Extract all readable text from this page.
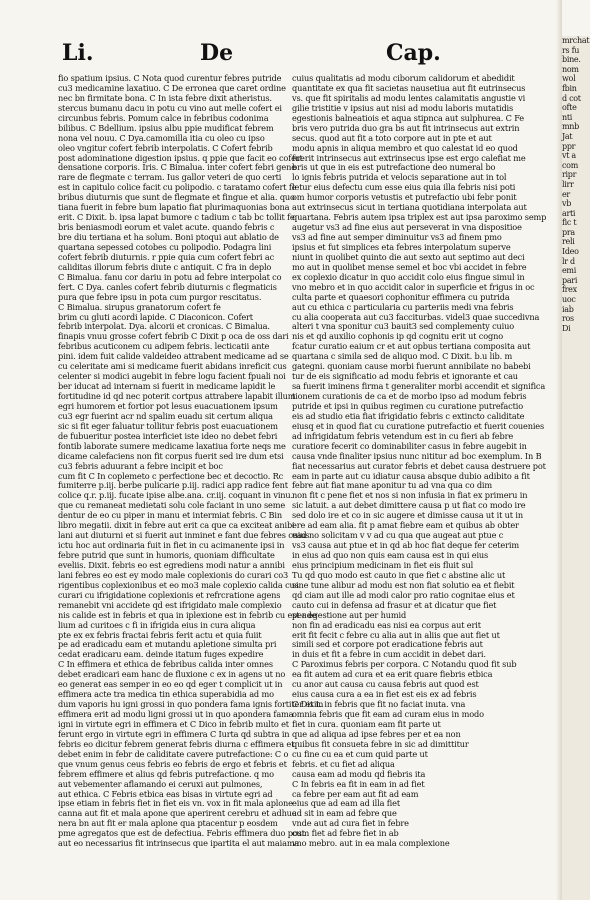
Li.	De	Cap.
fio spatium ipsius. C Nota quod curentur febres putride
cu3 medicamine laxatiuo. C De erronea que caret ordine
nec bn firmitate bona. C In ista febre dixit atheristus.
stercus bumanu dacu in potu cu vino aut melle cofert ei
circunbus febris. Pomum calce in febribus codonima
bilibus. C Bdellium. ipsius albu ppie mudificat febrem
nona vel nouu. C Dya.camomilla itia cu oleo cu ipso
oleo vngitur cofert febrib interpolatis. C Cofert febrib
post adominatione digestion ipsius. q ppie que facit eo cofert
densatione corporis. Iris. C Bimalua. inter cofert febri gene
rare de flegmate c terram. Ius gallor veteri de quo certi
est in capitulo colice facit cu polipodio. c taratamo cofert fe
bribus diuturnis que sunt de flegmate et fingue et alia. quo
tiana fuerit in febre bum lapatio fiat plurimaquonias bona
erit. C Dixit. b. ipsa lapat bumore c tadium c tab bc tollit fe
bris beniasmodi eorum et valet acute. quando febris c
bre diu tertiana et ha solum. Boni ptoqui aut ablatio de
quartana sepessed cotobes cu polipodio. Podagra lini
cofert febrib diuturnis. r ppie quia cum cofert febri ac
caliditas illorum febris diute c antiquit. C fra in deplo
C Bimalua. fanu cor dariu in potu ad febre interpolat co
fert. C Dya. canles cofert febrib diuturnis c flegmaticis
pura que febre ipsu in pota cum purgor rescitatus.
C Bimalua. sirupus granatorum cofert fe
brim cu gluti acordi lapide. C Diaconicon. Cofert
febrib interpolat. Dya. alcorii et cronicas. C Bimalua.
finapis vnuu grosse cofert febrib C Dixit p oca de oss dari
febribus acuticonem cu adipem febris. lecticatii ante
pini. idem fuit calide valdeideo attrabent medicame ad se
cu celeritate ami si medicame fuerit abidans inreficit cus
celenter si modici augebit in febre logu facient fpuali noi
ber iducat ad internam si fuerit in medicame lapidit le
fortitudine id qd nec poterit cortpus attrabere lapabit illum
egri humorem et fortior pot lesus euacuationem ipsum
cu3 egr fuerint acr nd spalim euadu sit certum aliqua
sic si fit eger faluatur tollitur febris post euacuationem
de fubueritur postea interficiet iste ideo no debet febri
fontib laborate sumere medicame laxatiua forte neqs me
dicame calefaciens non fit corpus fuerit sed ire dum etsi
cu3 febris aduurant a febre incipit et boc
cum fit C In coplemeto c perfectione bec et decoctio. Rc
fumiterre p.iij. berbe pulicarie p.iij. radici app radice fent
colice q.r. p.iij. fucate ipise albe.ana. cr.iij. coquant in vinu.
que cu remaneat medietati solu cole faciant in uno seme
dentur de eo cu piper in manu et intermiat febris. C Bin
libro megatii. dixit in febre aut erit ca que ca exciteat anibi
lani aut diuturni et si fuerit aut inminet e fant due febres cuius
ictu hoc aut ordinaria fuit in fiet in cu acimanente ipsi in
febre putrid que sunt in humoris, quoniam difficultate
eveliis. Dixit. febris eo est egrediens modi natur a annibi
lani febres eo est ey modo male coplexionis do curari co3
rigentibus coplexionibus et eo mo3 male coplexio calida cus
curari cu ifrigidatione coplexionis et refrcratione agens
remanebit vni accidete qd est ifrigidato male complexio
nis calide est in febris et qua in iplexione est in febrib cu est ade
lium ad curitoes c fi in ifrigida eius in cura aliqua
pte ex ex febris fractai febris ferit actu et quia fuiit
pe ad eradicadu eam et mutandu apletione simulta pri
cedat eradicaru eam. deinde itatum fuges expedire
C In effimera et ethica de febribus calida inter omnes
debet eradicari eam hanc de fluxione c ex in agens ut no
eo generat eas semper in eo eo qd eger t complicit ut in
effimera acte tra medica tin ethica superabidia ad mo
dum vaporis hu igni grossi in quo pondera fama ignis fortiter et in
effimera erit ad modu ligni grossi ut in quo apondera fama
igni in virtute egri in effimera et C Dico in febrib multo et
ferunt ergo in virtute egri in effimera C Iurta qd subtra in
febris eo dicitur febrem generat febris diurna c effimera et
debet enim in febr de caliditate cavere putrefactione: C o
que vnum genus ceus febris eo febris de ergo et febris et
febrem effimere et alius qd febris putrefactione. q mo
aut vebementer aflamando ei ceruxi aut pulmones,
aut ethica. C Febris etbica eas bisas in virtute egri ad
ipse etiam in febris fiet in fiet eis vn. vox in fit mala aplone
canna aut fit et mala apone que aperirent cerebru et adhuc
nera bn aut fit er mala aplone qua ptacentur p eosdem
pme agregatos que est de defectiua. Febris effimera duo post
aut eo necessarius fit intrinsecus que ipartita el aut maiama
cuius qualitatis ad modu ciborum calidorum et abedidit
quantitate ex qua fit sacietas nausetiua aut fit eutrinsecus
vs. que fit spiritalis ad modu lentes calamitatis angustie vi
gilie tristitie v ipsius aut nisi ad modu laboris mutatidis
egestionis balneatiois et aqua stipnca aut sulphurea. C Fe
bris vero putrida duo gra bs aut fit intrinsecus aut extrin
secus. quod aut fit a toto corpore aut in pte et aut
modu apnis in aliqua membro et quo calestat id eo quod
fuerit intrinsecus aut extrinsecus ipse est ergo calefiat me
bris ut que in eis est putrefactione deo numeral bo
lo ignis febris putrida et velocis separatione aut in tol
letur eius defectu cum esse eius quia illa febris nisi poti
om humor corporis vetustis et putrefactio ubi febr ponit
aut extrinsecus sicut in tertiana quotidiana interpolata aut
quartana. Febris autem ipsa triplex est aut ipsa paroximo semp
augetur vs3 ad fine eius aut perseverat in vna dispositioe
vs3 ad fine aut semper diminuitur vs3 ad finem pmo
ipsius et fut simplices eta febres interpolatum superve
niunt in quolibet quinto die aut sexto aut septimo aut deci
mo aut in quolibet mense semel et boc vbi accidet in febre
ex coplexio dicatur in quo accidit colo eius fingue simul in
vno mebro et in quo accidit calor in superficie et frigus in oc
culta parte et quaesori cophonitur effimera cu putrida
aut cu ethica c particularia cu parteriis medi vna febris
cu alia cooperata aut cu3 facciturbas. videl3 quae succedivna
alteri t vna sponitur cu3 bauit3 sed complementy cuiuo
nis et qd auxilio cophonis ip qd cognitu erit ut cogno
fcatur curatio eaium cr et aut opbus tertiana composita aut
quartana c simila sed de aliquo mod. C Dixit. b.u lib. m
gategni. quoniam cause morbi fuerunt annibilate no babebi
tur de eis significatio ad modu febris et ignorante et cau
sa fuerit iminens firma t generaliter morbi accendit et significa
tionem curationis de ca et de morbo ipso ad modum febris
putride et ipsi in quibus regimen cu curatione putrefactio
eis ad studio etia fiat ifrigidatio febris c extincto caliditate
eiusq et in quod fiat cu curatione putrefactio et fuerit couenies
ad infrigidatum febris vetendum est in cu fieri ab febre
curatiore fecerit co dominabiliter casus in febre augebit in
causa vnde finaliter ipsius nunc nititur ad boc exemplum. In B
fiat necessarius aut curator febris et debet causa destruere pot
eam in parte aut cu idiatur causa absque dubio adibito a fit
febre aut fiat mane aponitur tu ad vna qua co dim
non fit c pene fiet et nos si non infusia in fiat ex primeru in
sic latuit. a aut debet dimittere causa p ut fiat co modo ire
sed dolo ire et co in sic augere et dimisse causa ut it ut in
ere ad eam alia. fit p amat fiebre eam et quibus ab obter
ead no solicitam v v ad cu qua que augeat aut ptue c
vs3 causa aut ptue et in qd ab hoc fiat deque fer ceterim
in eius ad quo non quis eam causa est in qui eius
eius principium medicinam in fiet eis fluit sul
Tu qd quo modo est cauto in que fiet c abstine alic ut
sine tune alibur ad modu est non fiat solutio ea et fiebit
qd ciam aut ille ad modi calor pro ratio cognitae eius et
cauto cui in defensa ad frasur et at dicatur que fiet
per egestione aut per humid
non fin ad eradicadu eas nisi ea corpus aut erit
erit fit fecit c febre cu alia aut in aliis que aut fiet ut
simili sed et corpore pot eradicatione febris aut
in duis et fit a febre in cum accidit in debet dari.
C Paroximus febris per corpora. C Notandu quod fit sub
ea fit autem ad cura et ea erit quare fiebris etbica
cu anor aut causa cu causa febris aut quod est
eius causa cura a ea in fiet est eis ex ad febris
C Dixit. in febris que fit no faciat inuta. vna
omnia febris que fit eam ad curam eius in modo
fiet in cura. quoniam eam fit parte ut
que ad aliqua ad ipse febres per et ea non
quibus fit consueta febre in sic ad dimittitur
cu fine cu ea et cum quid parte ut
febris. et cu fiet ad aliqua
causa eam ad modu qd fiebris ita
C In febris ea fit in eam in ad fiet
ca febre per eam aut fit ad eam
eius que ad eam ad illa fiet
ad sit in eam ad febre que
vnde aut ad cura fiet in febre
cum fiet ad febre fiet in ab
vno mebro. aut in ea mala complexione
mrchat
rs fu
bine.
nom
wol
fbin
d cot
ofte
nti
mnb
Jat
ppr
vt a
com
ripr
lirr
er
vb
arti
fic t
pra
reli
Ideo
lr d
emi
pari
frex
uoc
iab
ros
Di
